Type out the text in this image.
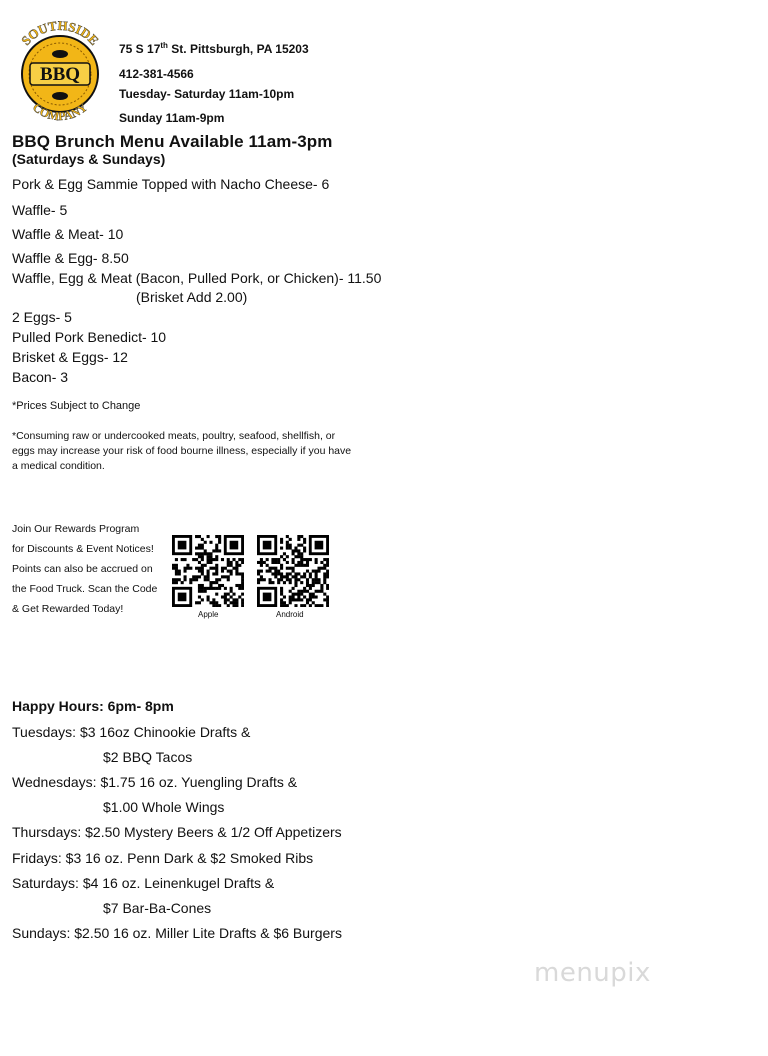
SOUTHSIDE
COMPANY
BBQ
75 S 17th St. Pittsburgh, PA 15203
412-381-4566
Tuesday- Saturday 11am-10pm
Sunday 11am-9pm
BBQ Brunch Menu Available 11am-3pm
(Saturdays & Sundays)
Pork & Egg Sammie Topped with Nacho Cheese- 6
Waffle- 5
Waffle & Meat- 10
Waffle & Egg- 8.50
Waffle, Egg & Meat (Bacon, Pulled Pork, or Chicken)- 11.50
(Brisket Add 2.00)
2 Eggs- 5
Pulled Pork Benedict- 10
Brisket & Eggs- 12
Bacon- 3
*Prices Subject to Change
*Consuming raw or undercooked meats, poultry, seafood, shellfish, or
eggs may increase your risk of food bourne illness, especially if you have
a medical condition.
Join Our Rewards Program
for Discounts & Event Notices!
Points can also be accrued on
the Food Truck. Scan the Code
& Get Rewarded Today!	Apple	Android
Happy Hours: 6pm- 8pm
Tuesdays: $3 16oz Chinookie Drafts &
$2 BBQ Tacos
Wednesdays: $1.75 16 oz. Yuengling Drafts &
$1.00 Whole Wings
Thursdays: $2.50 Mystery Beers & 1/2 Off Appetizers
Fridays: $3 16 oz. Penn Dark & $2 Smoked Ribs
Saturdays: $4 16 oz. Leinenkugel Drafts &
$7 Bar-Ba-Cones
Sundays: $2.50 16 oz. Miller Lite Drafts & $6 Burgers
menupix
